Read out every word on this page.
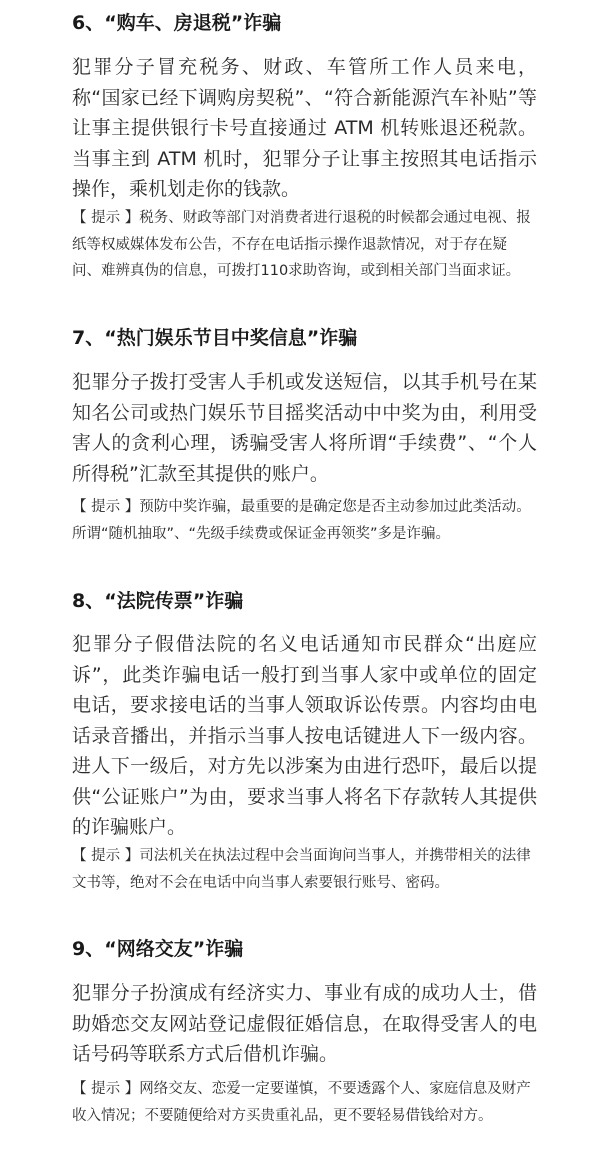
6、“购车、房退税”诈骗
犯罪分子冒充税务、财政、车管所工作人员来电，称“国家已经下调购房契税”、“符合新能源汽车补贴”等让事主提供银行卡号直接通过 ATM 机转账退还税款。当事主到 ATM 机时，犯罪分子让事主按照其电话指示操作，乘机划走你的钱款。
【 提示 】税务、财政等部门对消费者进行退税的时候都会通过电视、报纸等权威媒体发布公告，不存在电话指示操作退款情况，对于存在疑问、难辨真伪的信息，可拨打110求助咨询，或到相关部门当面求证。
7、“热门娱乐节目中奖信息”诈骗
犯罪分子拨打受害人手机或发送短信，以其手机号在某知名公司或热门娱乐节目摇奖活动中中奖为由，利用受害人的贪利心理，诱骗受害人将所谓“手续费”、“个人所得税”汇款至其提供的账户。
【 提示 】预防中奖诈骗，最重要的是确定您是否主动参加过此类活动。所谓“随机抽取”、“先级手续费或保证金再领奖”多是诈骗。
8、“法院传票”诈骗
犯罪分子假借法院的名义电话通知市民群众“出庭应诉”，此类诈骗电话一般打到当事人家中或单位的固定电话，要求接电话的当事人领取诉讼传票。内容均由电话录音播出，并指示当事人按电话键进人下一级内容。进人下一级后，对方先以涉案为由进行恐吓，最后以提供“公证账户”为由，要求当事人将名下存款转人其提供的诈骗账户。
【 提示 】司法机关在执法过程中会当面询问当事人，并携带相关的法律文书等，绝对不会在电话中向当事人索要银行账号、密码。
9、“网络交友”诈骗
犯罪分子扮演成有经济实力、事业有成的成功人士，借助婚恋交友网站登记虚假征婚信息，在取得受害人的电话号码等联系方式后借机诈骗。
【 提示 】网络交友、恋爱一定要谨慎，不要透露个人、家庭信息及财产收入情况；不要随便给对方买贵重礼品，更不要轻易借钱给对方。
